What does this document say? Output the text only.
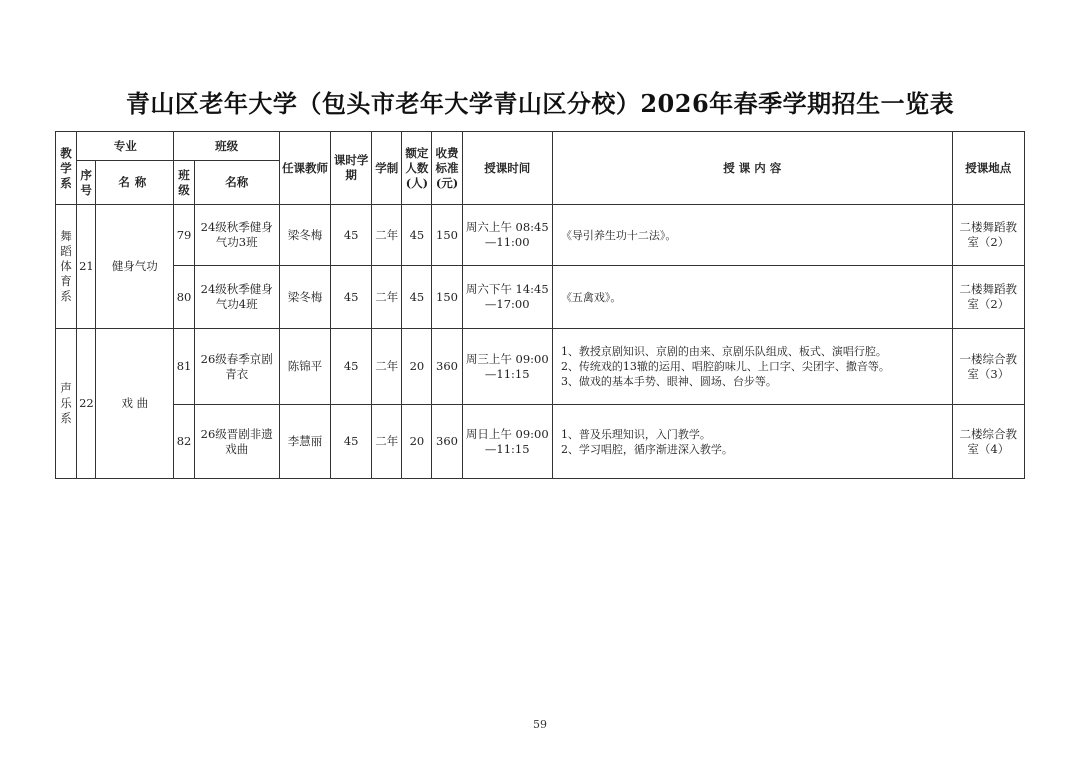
青山区老年大学（包头市老年大学青山区分校）2026年春季学期招生一览表
教学系	专业		班级		任课教师	课时学期	学制	额定人数(人)	收费标准(元)	授课时间	授 课 内 容	授课地点
	序号	名称	班级	名称								
舞蹈体育系	21	健身气功	79	24级秋季健身气功3班	梁冬梅	45	二年	45	150	周六上午 08:45—11:00	《导引养生功十二法》。	二楼舞蹈教室（2）
			80	24级秋季健身气功4班	梁冬梅	45	二年	45	150	周六下午 14:45—17:00	《五禽戏》。	二楼舞蹈教室（2）
声乐系	22	戏 曲	81	26级春季京剧青衣	陈锦平	45	二年	20	360	周三上午 09:00—11:15	1、教授京剧知识、京剧的由来、京剧乐队组成、板式、演唱行腔。
2、传统戏的13辙的运用、唱腔韵味儿、上口字、尖团字、撒音等。
3、做戏的基本手势、眼神、圆场、台步等。	一楼综合教室（3）
			82	26级晋剧非遗戏曲	李慧丽	45	二年	20	360	周日上午 09:00—11:15	1、普及乐理知识，入门教学。
2、学习唱腔，循序渐进深入教学。	二楼综合教室（4）
59
